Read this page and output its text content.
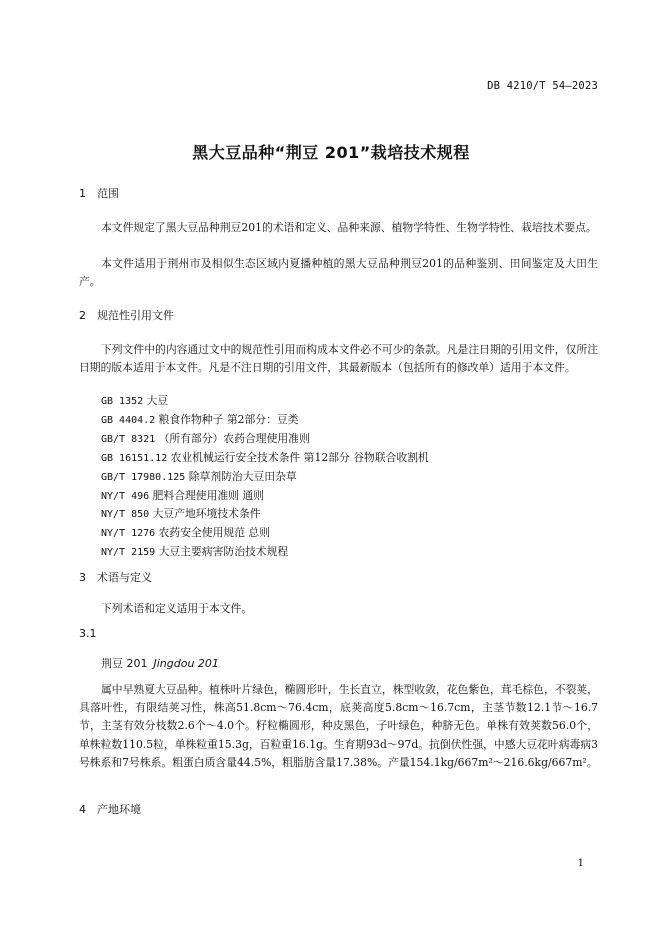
DB 4210/T 54—2023
黑大豆品种“荆豆 201”栽培技术规程
1 范围
本文件规定了黑大豆品种荆豆201的术语和定义、品种来源、植物学特性、生物学特性、栽培技术要点。
本文件适用于荆州市及相似生态区域内夏播种植的黑大豆品种荆豆201的品种鉴别、田间鉴定及大田生产。
2 规范性引用文件
下列文件中的内容通过文中的规范性引用而构成本文件必不可少的条款。凡是注日期的引用文件，仅所注日期的版本适用于本文件。凡是不注日期的引用文件，其最新版本（包括所有的修改单）适用于本文件。
GB 1352 大豆
GB 4404.2 粮食作物种子 第2部分：豆类
GB/T 8321 （所有部分）农药合理使用准则
GB 16151.12 农业机械运行安全技术条件 第12部分 谷物联合收割机
GB/T 17980.125 除草剂防治大豆田杂草
NY/T 496 肥料合理使用准则 通则
NY/T 850 大豆产地环境技术条件
NY/T 1276 农药安全使用规范 总则
NY/T 2159 大豆主要病害防治技术规程
3 术语与定义
下列术语和定义适用于本文件。
3.1
荆豆 201 Jingdou 201
属中早熟夏大豆品种。植株叶片绿色，椭圆形叶，生长直立，株型收敛，花色紫色，茸毛棕色，不裂荚，具落叶性，有限结荚习性，株高51.8cm～76.4cm，底荚高度5.8cm～16.7cm，主茎节数12.1节～16.7节，主茎有效分枝数2.6个～4.0个。籽粒椭圆形，种皮黑色，子叶绿色，种脐无色。单株有效荚数56.0个，单株粒数110.5粒，单株粒重15.3g，百粒重16.1g。生育期93d～97d。抗倒伏性强，中感大豆花叶病毒病3号株系和7号株系。粗蛋白质含量44.5%，粗脂肪含量17.38%。产量154.1kg/667m²～216.6kg/667m²。
4 产地环境
1
